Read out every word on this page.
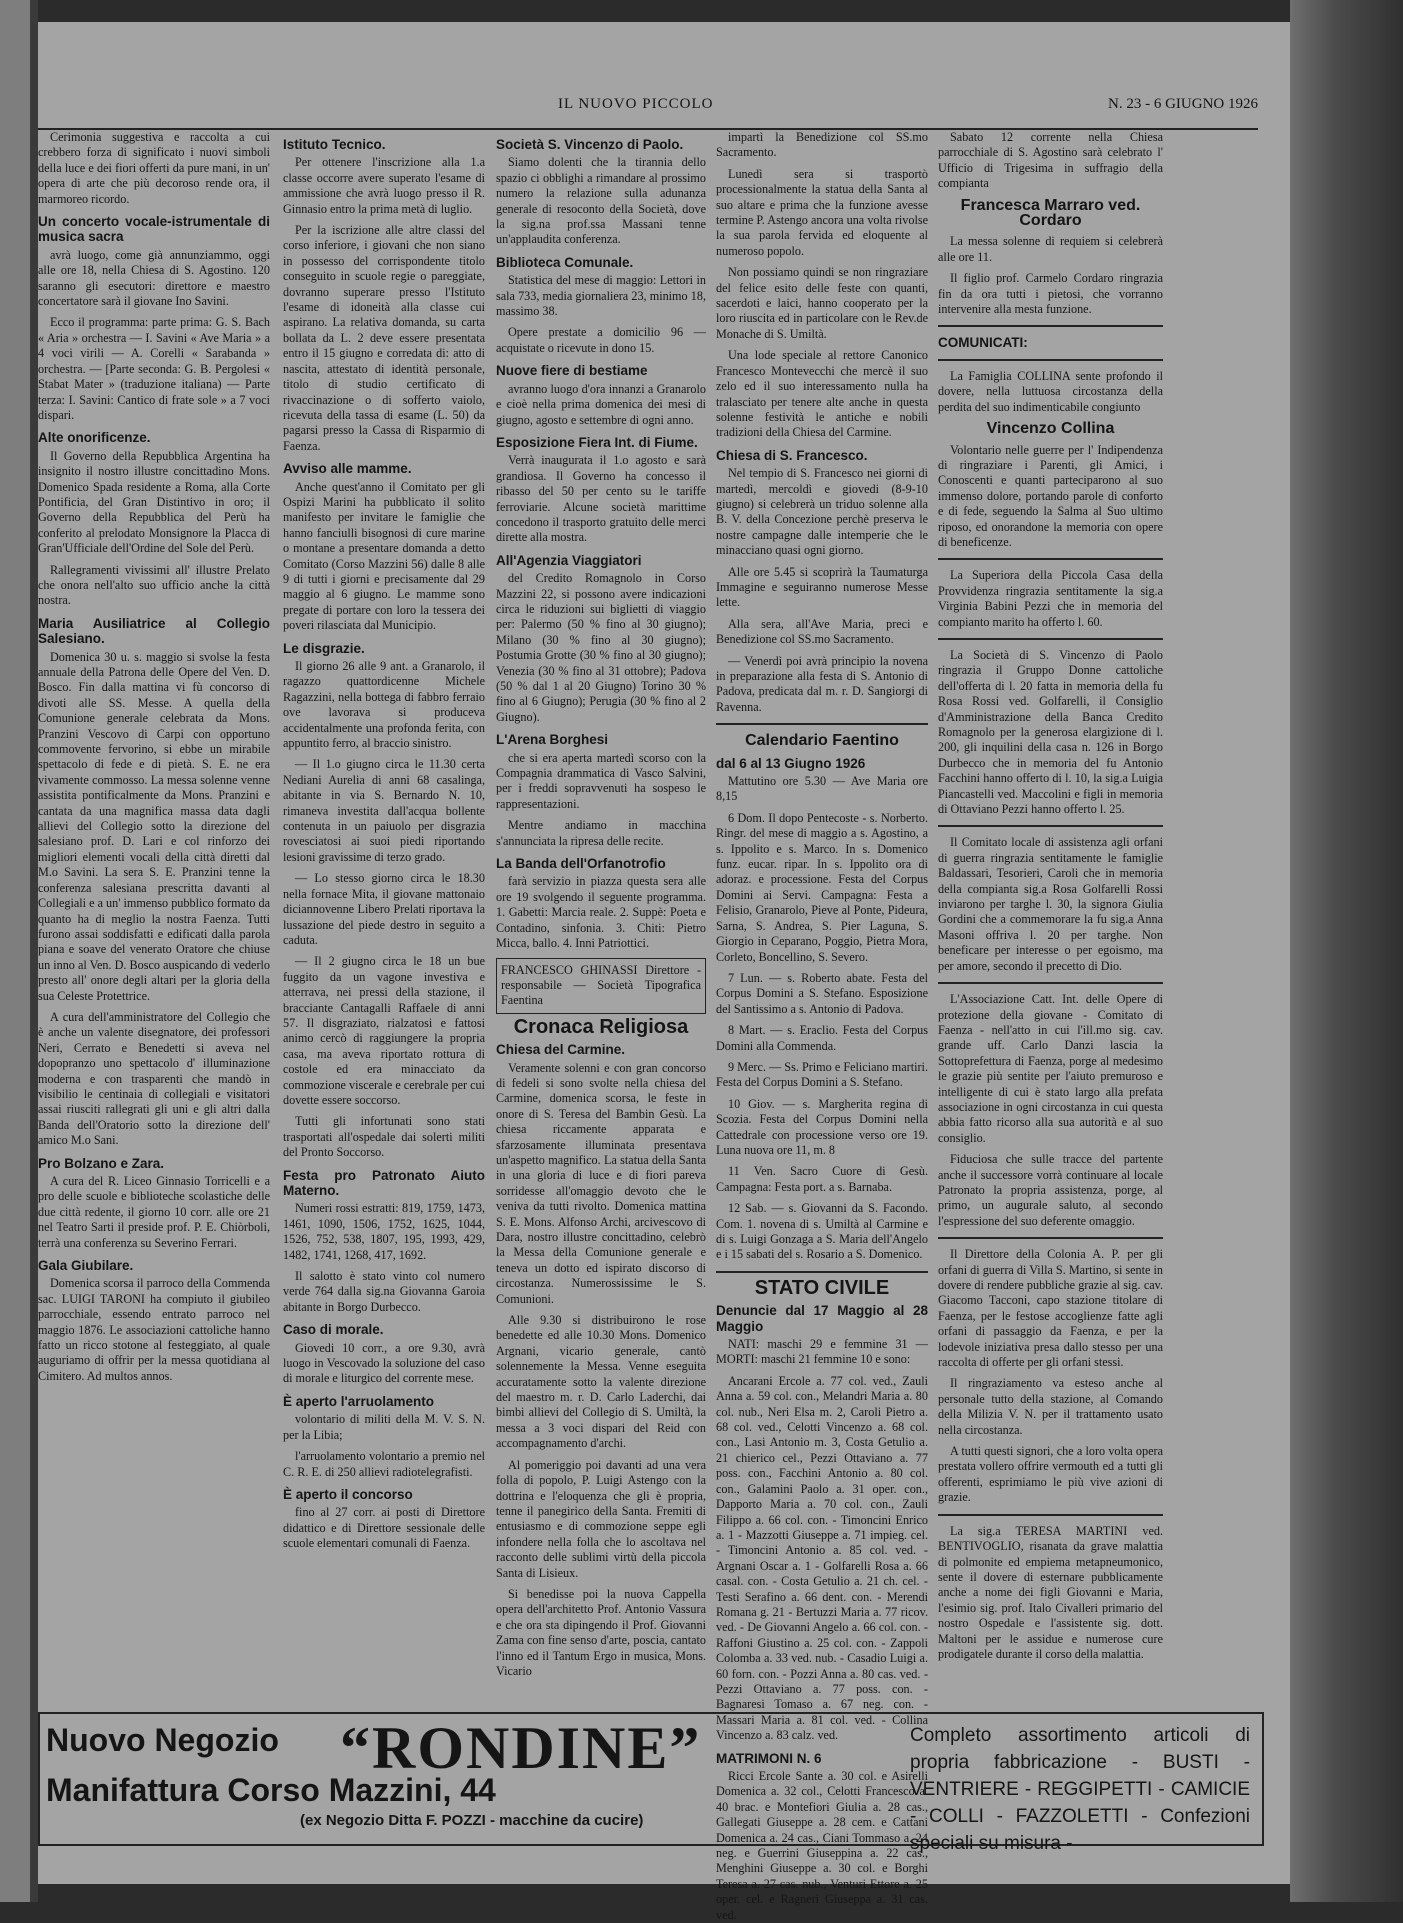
IL NUOVO PICCOLO	N. 23 - 6 GIUGNO 1926

Cerimonia suggestiva e raccolta a cui crebbero forza di significato i nuovi simboli della luce e dei fiori offerti da pure mani, in un' opera di arte che più decoroso rende ora, il marmoreo ricordo.

Un concerto vocale-istrumentale di musica sacra

avrà luogo, come già annunziammo, oggi alle ore 18, nella Chiesa di S. Agostino. 120 saranno gli esecutori: direttore e maestro concertatore sarà il giovane Ino Savini.

Ecco il programma: parte prima: G. S. Bach « Aria » orchestra — I. Savini « Ave Maria » a 4 voci virili — A. Corelli « Sarabanda » orchestra. — [Parte seconda: G. B. Pergolesi « Stabat Mater » (traduzione italiana) — Parte terza: I. Savini: Cantico di frate sole » a 7 voci dispari.

Alte onorificenze.

Il Governo della Repubblica Argentina ha insignito il nostro illustre concittadino Mons. Domenico Spada residente a Roma, alla Corte Pontificia, del Gran Distintivo in oro; il Governo della Repubblica del Perù ha conferito al prelodato Monsignore la Placca di Gran'Ufficiale dell'Ordine del Sole del Perù.

Rallegramenti vivissimi all' illustre Prelato che onora nell'alto suo ufficio anche la città nostra.

Maria Ausiliatrice al Collegio Salesiano.

Domenica 30 u. s. maggio si svolse la festa annuale della Patrona delle Opere del Ven. D. Bosco. Fin dalla mattina vi fù concorso di divoti alle SS. Messe. A quella della Comunione generale celebrata da Mons. Pranzini Vescovo di Carpi con opportuno commovente fervorino, si ebbe un mirabile spettacolo di fede e di pietà. S. E. ne era vivamente commosso. La messa solenne venne assistita pontificalmente da Mons. Pranzini e cantata da una magnifica massa data dagli allievi del Collegio sotto la direzione del salesiano prof. D. Lari e col rinforzo dei migliori elementi vocali della città diretti dal M.o Savini. La sera S. E. Pranzini tenne la conferenza salesiana prescritta davanti al Collegiali e a un' immenso pubblico formato da quanto ha di meglio la nostra Faenza. Tutti furono assai soddisfatti e edificati dalla parola piana e soave del venerato Oratore che chiuse un inno al Ven. D. Bosco auspicando di vederlo presto all' onore degli altari per la gloria della sua Celeste Protettrice.

A cura dell'amministratore del Collegio che è anche un valente disegnatore, dei professori Neri, Cerrato e Benedetti si aveva nel dopopranzo uno spettacolo d' illuminazione moderna e con trasparenti che mandò in visibilio le centinaia di collegiali e visitatori assai riusciti rallegrati gli uni e gli altri dalla Banda dell'Oratorio sotto la direzione dell' amico M.o Sani.

Pro Bolzano e Zara.

A cura del R. Liceo Ginnasio Torricelli e a pro delle scuole e biblioteche scolastiche delle due città redente, il giorno 10 corr. alle ore 21 nel Teatro Sarti il preside prof. P. E. Chiòrboli, terrà una conferenza su Severino Ferrari.

Gala Giubilare.

Domenica scorsa il parroco della Commenda sac. LUIGI TARONI ha compiuto il giubileo parrocchiale, essendo entrato parroco nel maggio 1876. Le associazioni cattoliche hanno fatto un ricco stotone al festeggiato, al quale auguriamo di offrir per la messa quotidiana al Cimitero. Ad multos annos.

Istituto Tecnico.

Per ottenere l'inscrizione alla 1.a classe occorre avere superato l'esame di ammissione che avrà luogo presso il R. Ginnasio entro la prima metà di luglio.

Per la iscrizione alle altre classi del corso inferiore, i giovani che non siano in possesso del corrispondente titolo conseguito in scuole regie o pareggiate, dovranno superare presso l'Istituto l'esame di idoneità alla classe cui aspirano. La relativa domanda, su carta bollata da L. 2 deve essere presentata entro il 15 giugno e corredata di: atto di nascita, attestato di identità personale, titolo di studio certificato di rivaccinazione o di sofferto vaiolo, ricevuta della tassa di esame (L. 50) da pagarsi presso la Cassa di Risparmio di Faenza.

Avviso alle mamme.

Anche quest'anno il Comitato per gli Ospizi Marini ha pubblicato il solito manifesto per invitare le famiglie che hanno fanciulli bisognosi di cure marine o montane a presentare domanda a detto Comitato (Corso Mazzini 56) dalle 8 alle 9 di tutti i giorni e precisamente dal 29 maggio al 6 giugno. Le mamme sono pregate di portare con loro la tessera dei poveri rilasciata dal Municipio.

Le disgrazie.

Il giorno 26 alle 9 ant. a Granarolo, il ragazzo quattordicenne Michele Ragazzini, nella bottega di fabbro ferraio ove lavorava si produceva accidentalmente una profonda ferita, con appuntito ferro, al braccio sinistro.

— Il 1.o giugno circa le 11.30 certa Nediani Aurelia di anni 68 casalinga, abitante in via S. Bernardo N. 10, rimaneva investita dall'acqua bollente contenuta in un paiuolo per disgrazia rovesciatosi ai suoi piedi riportando lesioni gravissime di terzo grado.

— Lo stesso giorno circa le 18.30 nella fornace Mita, il giovane mattonaio diciannovenne Libero Prelati riportava la lussazione del piede destro in seguito a caduta.

— Il 2 giugno circa le 18 un bue fuggito da un vagone investiva e atterrava, nei pressi della stazione, il bracciante Cantagalli Raffaele di anni 57. Il disgraziato, rialzatosi e fattosi animo cercò di raggiungere la propria casa, ma aveva riportato rottura di costole ed era minacciato da commozione viscerale e cerebrale per cui dovette essere soccorso.

Tutti gli infortunati sono stati trasportati all'ospedale dai solerti militi del Pronto Soccorso.

Festa pro Patronato Aiuto Materno.

Numeri rossi estratti: 819, 1759, 1473, 1461, 1090, 1506, 1752, 1625, 1044, 1526, 752, 538, 1807, 195, 1993, 429, 1482, 1741, 1268, 417, 1692.

Il salotto è stato vinto col numero verde 764 dalla sig.na Giovanna Garoia abitante in Borgo Durbecco.

Caso di morale.

Giovedi 10 corr., a ore 9.30, avrà luogo in Vescovado la soluzione del caso di morale e liturgico del corrente mese.

È aperto l'arruolamento

volontario di militi della M. V. S. N. per la Libia;

l'arruolamento volontario a premio nel C. R. E. di 250 allievi radiotelegrafisti.

È aperto il concorso

fino al 27 corr. ai posti di Direttore didattico e di Direttore sessionale delle scuole elementari comunali di Faenza.

Società S. Vincenzo di Paolo.

Siamo dolenti che la tirannia dello spazio ci obblighi a rimandare al prossimo numero la relazione sulla adunanza generale di resoconto della Società, dove la sig.na prof.ssa Massani tenne un'applaudita conferenza.

Biblioteca Comunale.

Statistica del mese di maggio: Lettori in sala 733, media giornaliera 23, minimo 18, massimo 38.

Opere prestate a domicilio 96 — acquistate o ricevute in dono 15.

Nuove fiere di bestiame

avranno luogo d'ora innanzi a Granarolo e cioè nella prima domenica dei mesi di giugno, agosto e settembre di ogni anno.

Esposizione Fiera Int. di Fiume.

Verrà inaugurata il 1.o agosto e sarà grandiosa. Il Governo ha concesso il ribasso del 50 per cento su le tariffe ferroviarie. Alcune società marittime concedono il trasporto gratuito delle merci dirette alla mostra.

All'Agenzia Viaggiatori

del Credito Romagnolo in Corso Mazzini 22, si possono avere indicazioni circa le riduzioni sui biglietti di viaggio per: Palermo (50 % fino al 30 giugno); Milano (30 % fino al 30 giugno); Postumia Grotte (30 % fino al 30 giugno); Venezia (30 % fino al 31 ottobre); Padova (50 % dal 1 al 20 Giugno) Torino 30 % fino al 6 Giugno); Perugia (30 % fino al 2 Giugno).

L'Arena Borghesi

che si era aperta martedì scorso con la Compagnia drammatica di Vasco Salvini, per i freddi sopravvenuti ha sospeso le rappresentazioni.

Mentre andiamo in macchina s'annunciata la ripresa delle recite.

La Banda dell'Orfanotrofio

farà servizio in piazza questa sera alle ore 19 svolgendo il seguente programma. 1. Gabetti: Marcia reale. 2. Suppè: Poeta e Contadino, sinfonia. 3. Chiti: Pietro Micca, ballo. 4. Inni Patriottici.

FRANCESCO GHINASSI Direttore - responsabile — Società Tipografica Faentina
Cronaca Religiosa
Chiesa del Carmine.

Veramente solenni e con gran concorso di fedeli si sono svolte nella chiesa del Carmine, domenica scorsa, le feste in onore di S. Teresa del Bambin Gesù. La chiesa riccamente apparata e sfarzosamente illuminata presentava un'aspetto magnifico. La statua della Santa in una gloria di luce e di fiori pareva sorridesse all'omaggio devoto che le veniva da tutti rivolto. Domenica mattina S. E. Mons. Alfonso Archi, arcivescovo di Dara, nostro illustre concittadino, celebrò la Messa della Comunione generale e teneva un dotto ed ispirato discorso di circostanza. Numerossissime le S. Comunioni.

Alle 9.30 si distribuirono le rose benedette ed alle 10.30 Mons. Domenico Argnani, vicario generale, cantò solennemente la Messa. Venne eseguita accuratamente sotto la valente direzione del maestro m. r. D. Carlo Laderchi, dai bimbi allievi del Collegio di S. Umiltà, la messa a 3 voci dispari del Reid con accompagnamento d'archi.

Al pomeriggio poi davanti ad una vera folla di popolo, P. Luigi Astengo con la dottrina e l'eloquenza che gli è propria, tenne il panegirico della Santa. Fremiti di entusiasmo e di commozione seppe egli infondere nella folla che lo ascoltava nel racconto delle sublimi virtù della piccola Santa di Lisieux.

Si benedisse poi la nuova Cappella opera dell'architetto Prof. Antonio Vassura e che ora sta dipingendo il Prof. Giovanni Zama con fine senso d'arte, poscia, cantato l'inno ed il Tantum Ergo in musica, Mons. Vicario

impartì la Benedizione col SS.mo Sacramento.

Lunedì sera si trasportò processionalmente la statua della Santa al suo altare e prima che la funzione avesse termine P. Astengo ancora una volta rivolse la sua parola fervida ed eloquente al numeroso popolo.

Non possiamo quindi se non ringraziare del felice esito delle feste con quanti, sacerdoti e laici, hanno cooperato per la loro riuscita ed in particolare con le Rev.de Monache di S. Umiltà.

Una lode speciale al rettore Canonico Francesco Montevecchi che mercè il suo zelo ed il suo interessamento nulla ha tralasciato per tenere alte anche in questa solenne festività le antiche e nobili tradizioni della Chiesa del Carmine.

Chiesa di S. Francesco.

Nel tempio di S. Francesco nei giorni di martedì, mercoldì e giovedi (8-9-10 giugno) si celebrerà un triduo solenne alla B. V. della Concezione perchè preserva le nostre campagne dalle intemperie che le minacciano quasi ogni giorno.

Alle ore 5.45 si scoprirà la Taumaturga Immagine e seguiranno numerose Messe lette.

Alla sera, all'Ave Maria, preci e Benedizione col SS.mo Sacramento.

— Venerdì poi avrà principio la novena in preparazione alla festa di S. Antonio di Padova, predicata dal m. r. D. Sangiorgi di Ravenna.

Calendario Faentino
dal 6 al 13 Giugno 1926

Mattutino ore 5.30 — Ave Maria ore 8,15

6 Dom. Il dopo Pentecoste - s. Norberto. Ringr. del mese di maggio a s. Agostino, a s. Ippolito e s. Marco. In s. Domenico funz. eucar. ripar. In s. Ippolito ora di adoraz. e processione. Festa del Corpus Domini ai Servi. Campagna: Festa a Felisio, Granarolo, Pieve al Ponte, Pideura, Sarna, S. Andrea, S. Pier Laguna, S. Giorgio in Ceparano, Poggio, Pietra Mora, Corleto, Boncellino, S. Severo.

7 Lun. — s. Roberto abate. Festa del Corpus Domini a S. Stefano. Esposizione del Santissimo a s. Antonio di Padova.

8 Mart. — s. Eraclio. Festa del Corpus Domini alla Commenda.

9 Merc. — Ss. Primo e Feliciano martiri. Festa del Corpus Domini a S. Stefano.

10 Giov. — s. Margherita regina di Scozia. Festa del Corpus Domini nella Cattedrale con processione verso ore 19. Luna nuova ore 11, m. 8

11 Ven. Sacro Cuore di Gesù. Campagna: Festa port. a s. Barnaba.

12 Sab. — s. Giovanni da S. Facondo. Com. 1. novena di s. Umiltà al Carmine e di s. Luigi Gonzaga a S. Maria dell'Angelo e i 15 sabati del s. Rosario a S. Domenico.

STATO CIVILE
Denuncie dal 17 Maggio al 28 Maggio

NATI: maschi 29 e femmine 31 — MORTI: maschi 21 femmine 10 e sono:

Ancarani Ercole a. 77 col. ved., Zauli Anna a. 59 col. con., Melandri Maria a. 80 col. nub., Neri Elsa m. 2, Caroli Pietro a. 68 col. ved., Celotti Vincenzo a. 68 col. con., Lasi Antonio m. 3, Costa Getulio a. 21 chierico cel., Pezzi Ottaviano a. 77 poss. con., Facchini Antonio a. 80 col. con., Galamini Paolo a. 31 oper. con., Dapporto Maria a. 70 col. con., Zauli Filippo a. 66 col. con. - Timoncini Enrico a. 1 - Mazzotti Giuseppe a. 71 impieg. cel. - Timoncini Antonio a. 85 col. ved. - Argnani Oscar a. 1 - Golfarelli Rosa a. 66 casal. con. - Costa Getulio a. 21 ch. cel. - Testi Serafino a. 66 dent. con. - Merendi Romana g. 21 - Bertuzzi Maria a. 77 ricov. ved. - De Giovanni Angelo a. 66 col. con. - Raffoni Giustino a. 25 col. con. - Zappoli Colomba a. 33 ved. nub. - Casadio Luigi a. 60 forn. con. - Pozzi Anna a. 80 cas. ved. - Pezzi Ottaviano a. 77 poss. con. - Bagnaresi Tomaso a. 67 neg. con. - Massari Maria a. 81 col. ved. - Collina Vincenzo a. 83 calz. ved.

MATRIMONI N. 6

Ricci Ercole Sante a. 30 col. e Asirelli Domenica a. 32 col., Celotti Francesco a. 40 brac. e Montefiori Giulia a. 28 cas., Gallegati Giuseppe a. 28 cem. e Cattani Domenica a. 24 cas., Ciani Tommaso a. 24 neg. e Guerrini Giuseppina a. 22 cas., Menghini Giuseppe a. 30 col. e Borghi Teresa a. 27 cas. nub., Venturi Ettore a. 25 oper. cel. e Ragneri Giuseppa a. 31 cas. ved.

Sabato 12 corrente nella Chiesa parrocchiale di S. Agostino sarà celebrato l' Ufficio di Trigesima in suffragio della compianta

Francesca Marraro ved. Cordaro

La messa solenne di requiem si celebrerà alle ore 11.

Il figlio prof. Carmelo Cordaro ringrazia fin da ora tutti i pietosi, che vorranno intervenire alla mesta funzione.

COMUNICATI:

La Famiglia COLLINA sente profondo il dovere, nella luttuosa circostanza della perdita del suo indimenticabile congiunto

Vincenzo Collina

Volontario nelle guerre per l' Indipendenza di ringraziare i Parenti, gli Amici, i Conoscenti e quanti parteciparono al suo immenso dolore, portando parole di conforto e di fede, seguendo la Salma al Suo ultimo riposo, ed onorandone la memoria con opere di beneficenze.

La Superiora della Piccola Casa della Provvidenza ringrazia sentitamente la sig.a Virginia Babini Pezzi che in memoria del compianto marito ha offerto l. 60.

La Società di S. Vincenzo di Paolo ringrazia il Gruppo Donne cattoliche dell'offerta di l. 20 fatta in memoria della fu Rosa Rossi ved. Golfarelli, il Consiglio d'Amministrazione della Banca Credito Romagnolo per la generosa elargizione di l. 200, gli inquilini della casa n. 126 in Borgo Durbecco che in memoria del fu Antonio Facchini hanno offerto di l. 10, la sig.a Luigia Piancastelli ved. Maccolini e figli in memoria di Ottaviano Pezzi hanno offerto l. 25.

Il Comitato locale di assistenza agli orfani di guerra ringrazia sentitamente le famiglie Baldassari, Tesorieri, Caroli che in memoria della compianta sig.a Rosa Golfarelli Rossi inviarono per targhe l. 30, la signora Giulia Gordini che a commemorare la fu sig.a Anna Masoni offriva l. 20 per targhe. Non beneficare per interesse o per egoismo, ma per amore, secondo il precetto di Dio.

L'Associazione Catt. Int. delle Opere di protezione della giovane - Comitato di Faenza - nell'atto in cui l'ill.mo sig. cav. grande uff. Carlo Danzi lascia la Sottoprefettura di Faenza, porge al medesimo le grazie più sentite per l'aiuto premuroso e intelligente di cui è stato largo alla prefata associazione in ogni circostanza in cui questa abbia fatto ricorso alla sua autorità e al suo consiglio.

Fiduciosa che sulle tracce del partente anche il successore vorrà continuare al locale Patronato la propria assistenza, porge, al primo, un augurale saluto, al secondo l'espressione del suo deferente omaggio.

Il Direttore della Colonia A. P. per gli orfani di guerra di Villa S. Martino, si sente in dovere di rendere pubbliche grazie al sig. cav. Giacomo Tacconi, capo stazione titolare di Faenza, per le festose accoglienze fatte agli orfani di passaggio da Faenza, e per la lodevole iniziativa presa dallo stesso per una raccolta di offerte per gli orfani stessi.

Il ringraziamento va esteso anche al personale tutto della stazione, al Comando della Milizia V. N. per il trattamento usato nella circostanza.

A tutti questi signori, che a loro volta opera prestata vollero offrire vermouth ed a tutti gli offerenti, esprimiamo le più vive azioni di grazie.

La sig.a TERESA MARTINI ved. BENTIVOGLIO, risanata da grave malattia di polmonite ed empiema metapneumonico, sente il dovere di esternare pubblicamente anche a nome dei figli Giovanni e Maria, l'esimio sig. prof. Italo Civalleri primario del nostro Ospedale e l'assistente sig. dott. Maltoni per le assidue e numerose cure prodigatele durante il corso della malattia.

Nuovo Negozio “RONDINE”
Manifattura Corso Mazzini, 44
(ex Negozio Ditta F. POZZI - macchine da cucire)
Completo assortimento articoli di propria fabbricazione - BUSTI - VENTRIERE - REGGIPETTI - CAMICIE - COLLI - FAZZOLETTI - Confezioni speciali su misura -
